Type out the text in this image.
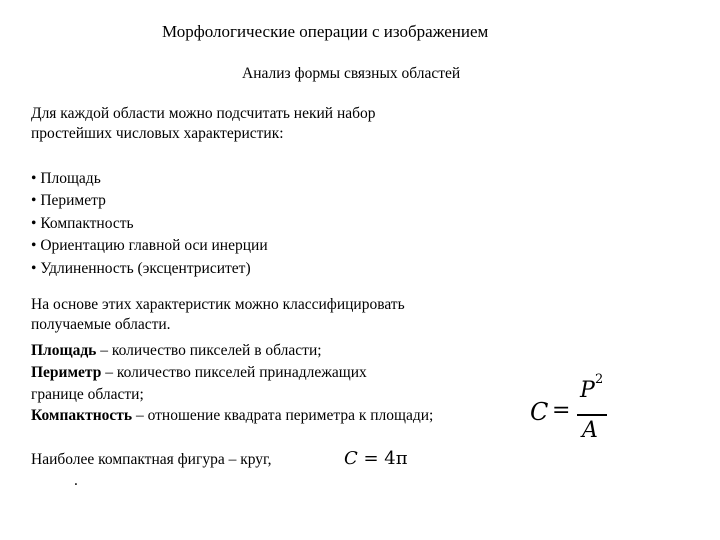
Морфологические операции с изображением
Анализ формы связных областей
Для каждой области можно подсчитать некий набор
простейших числовых характеристик:
• Площадь
• Периметр
• Компактность
• Ориентацию главной оси инерции
• Удлиненность (эксцентриситет)
На основе этих характеристик можно классифицировать
получаемые области.
Площадь – количество пикселей в области;
Периметр – количество пикселей принадлежащих
границе области;
Компактность – отношение квадрата периметра к площади;	C =
P 2
A
Наиболее компактная фигура – круг,	C = 4π
.
